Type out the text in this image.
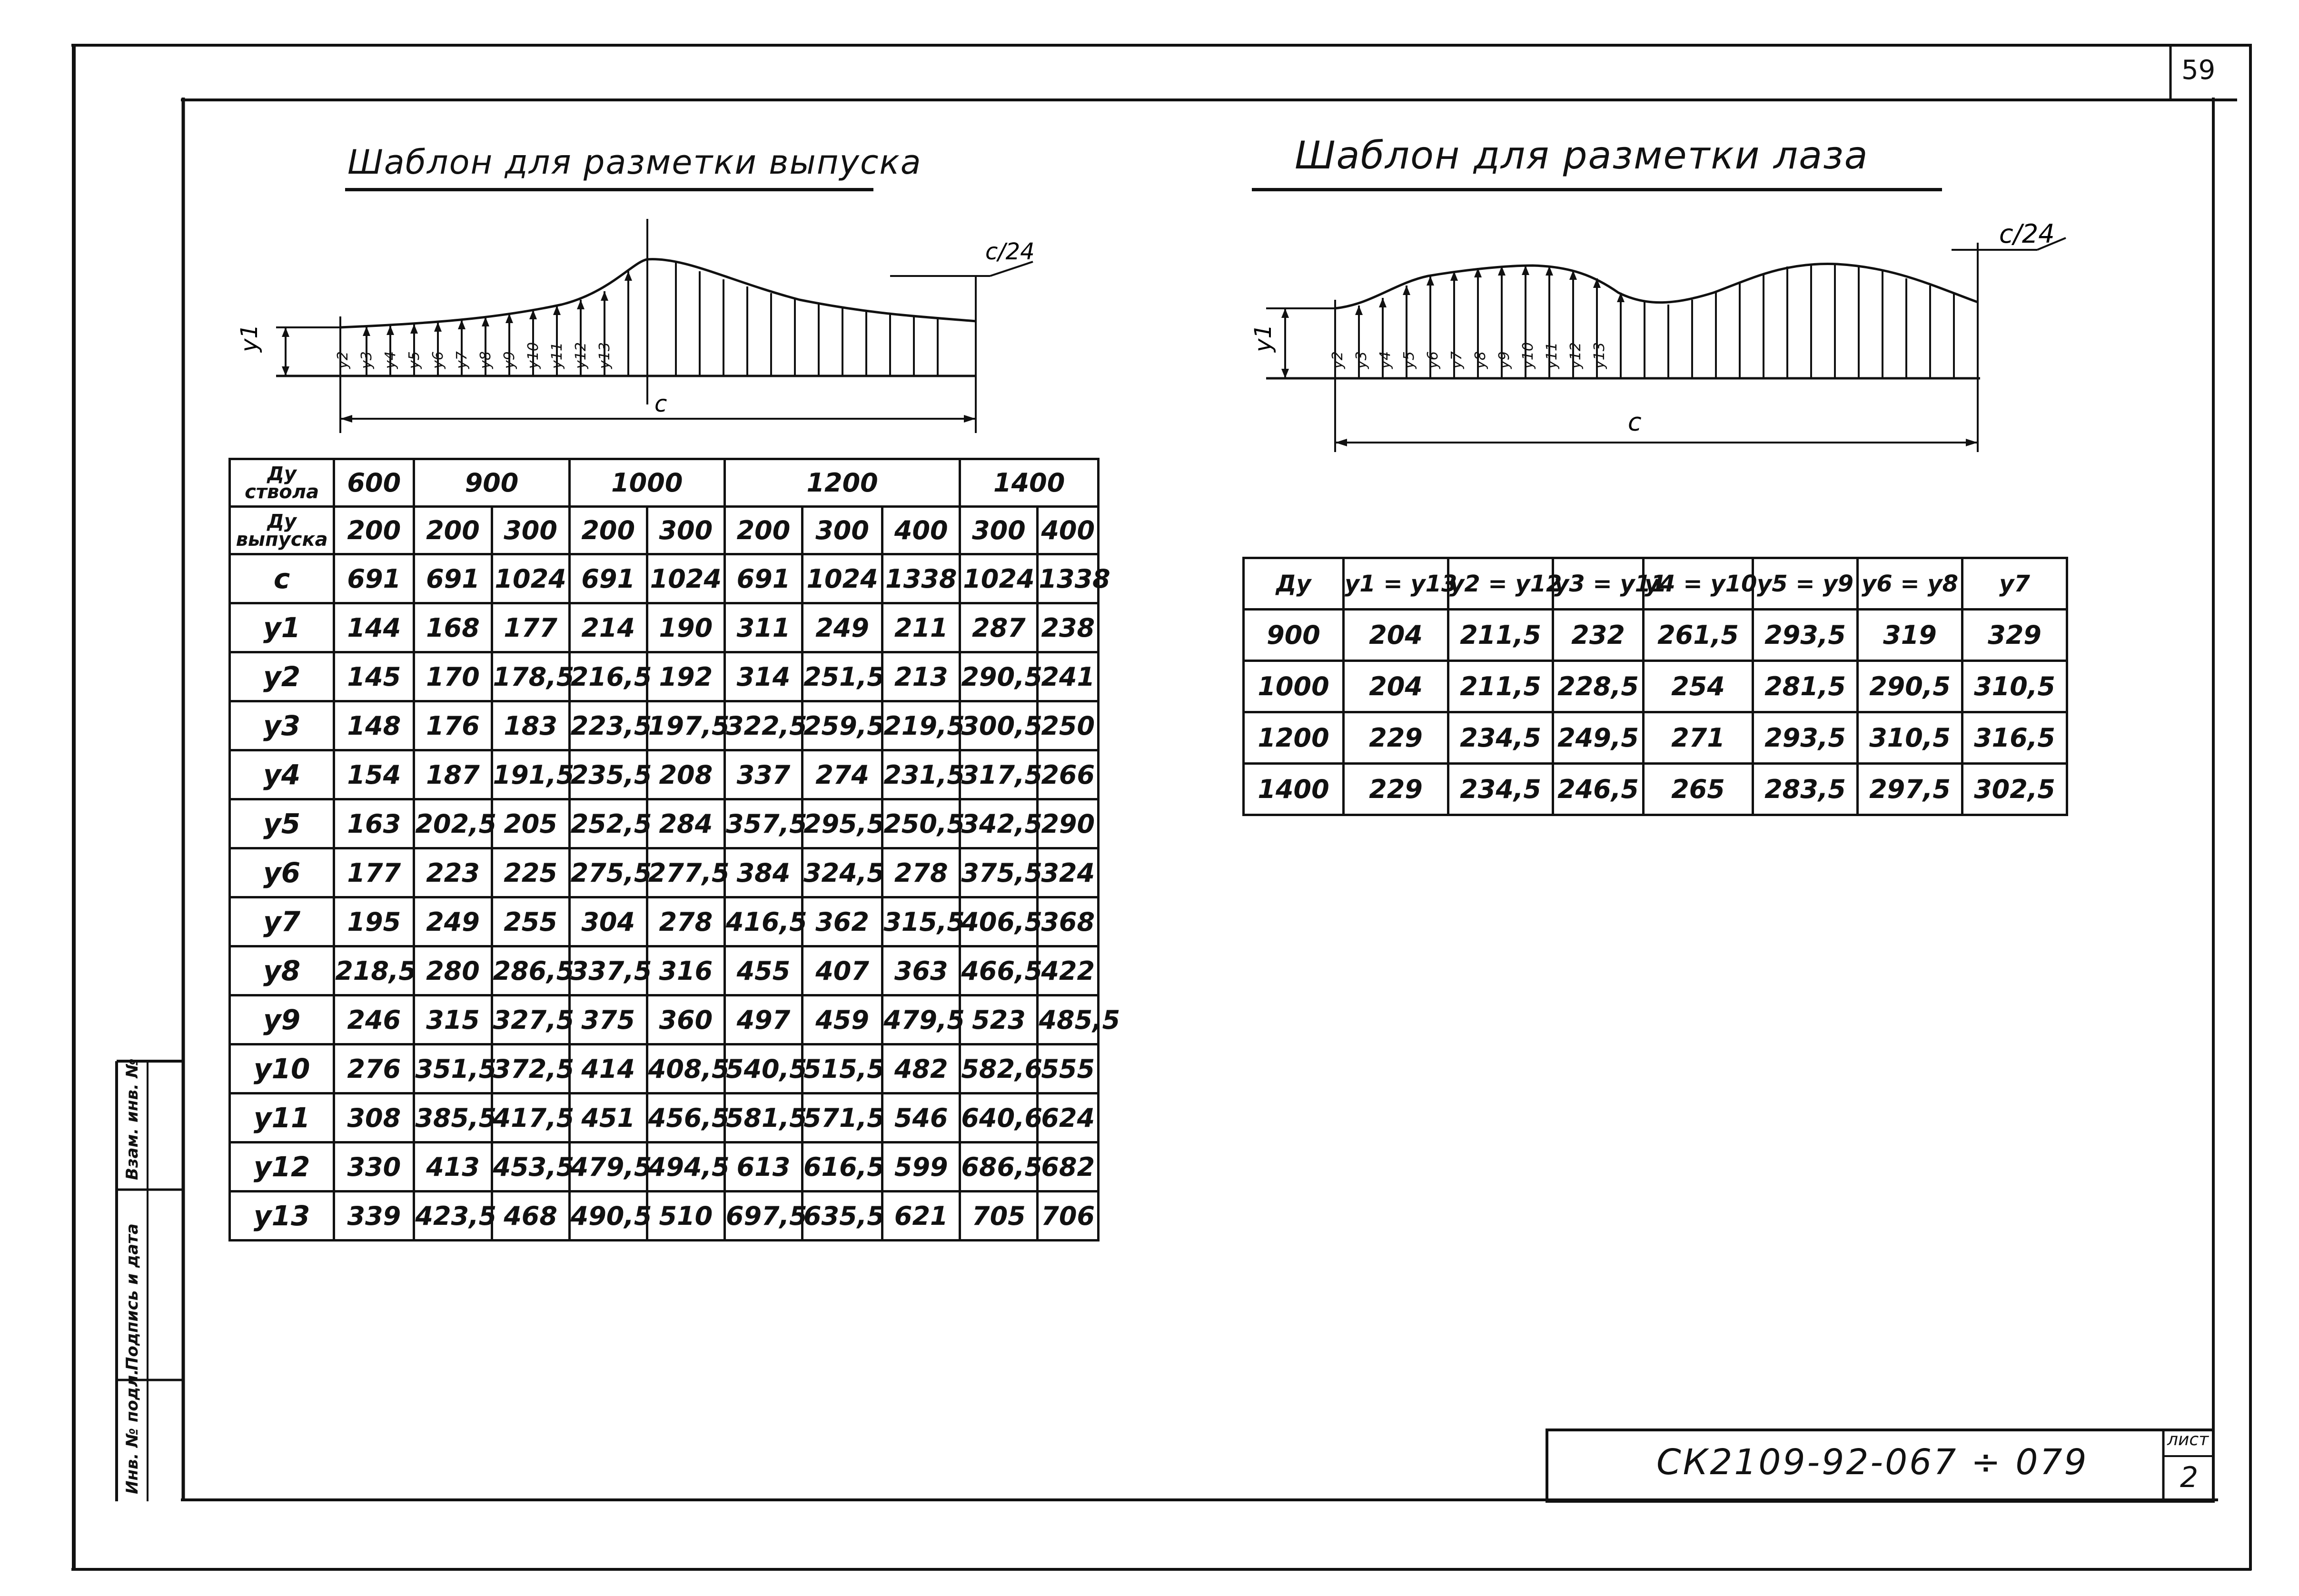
59
Шаблон для разметки выпуска	Шаблон для разметки лаза
y1
c
c/24
y2 y3 y4 y5 y6 y7 y8 y9 y10 y11 y12 y13
y1
c
c/24
y2 y3 y4 y5 y6 y7 y8 y9 y10 y11 y12 y13
Ду
ствола	600	900		1000		1200			1400	

Ду
выпуска	200	200	300	200	300	200	300	400	300	400
c	691	691	1024	691	1024	691	1024	1338	1024	1338
y1	144	168	177	214	190	311	249	211	287	238
y2	145	170	178,5	216,5	192	314	251,5	213	290,5	241
y3	148	176	183	223,5	197,5	322,5	259,5	219,5	300,5	250
y4	154	187	191,5	235,5	208	337	274	231,5	317,5	266
y5	163	202,5	205	252,5	284	357,5	295,5	250,5	342,5	290
y6	177	223	225	275,5	277,5	384	324,5	278	375,5	324
y7	195	249	255	304	278	416,5	362	315,5	406,5	368
y8	218,5	280	286,5	337,5	316	455	407	363	466,5	422
y9	246	315	327,5	375	360	497	459	479,5	523	485,5
y10	276	351,5	372,5	414	408,5	540,5	515,5	482	582,6	555
y11	308	385,5	417,5	451	456,5	581,5	571,5	546	640,6	624
y12	330	413	453,5	479,5	494,5	613	616,5	599	686,5	682
y13	339	423,5	468	490,5	510	697,5	635,5	621	705	706
Ду	y1 = y13	y2 = y12	y3 = y11	y4 = y10	y5 = y9	y6 = y8	y7
900	204	211,5	232	261,5	293,5	319	329
1000	204	211,5	228,5	254	281,5	290,5	310,5
1200	229	234,5	249,5	271	293,5	310,5	316,5
1400	229	234,5	246,5	265	283,5	297,5	302,5
Инв. № подл.
Подпись и дата
Взам. инв. №
СК2109-92-067 ÷ 079
лист
2
